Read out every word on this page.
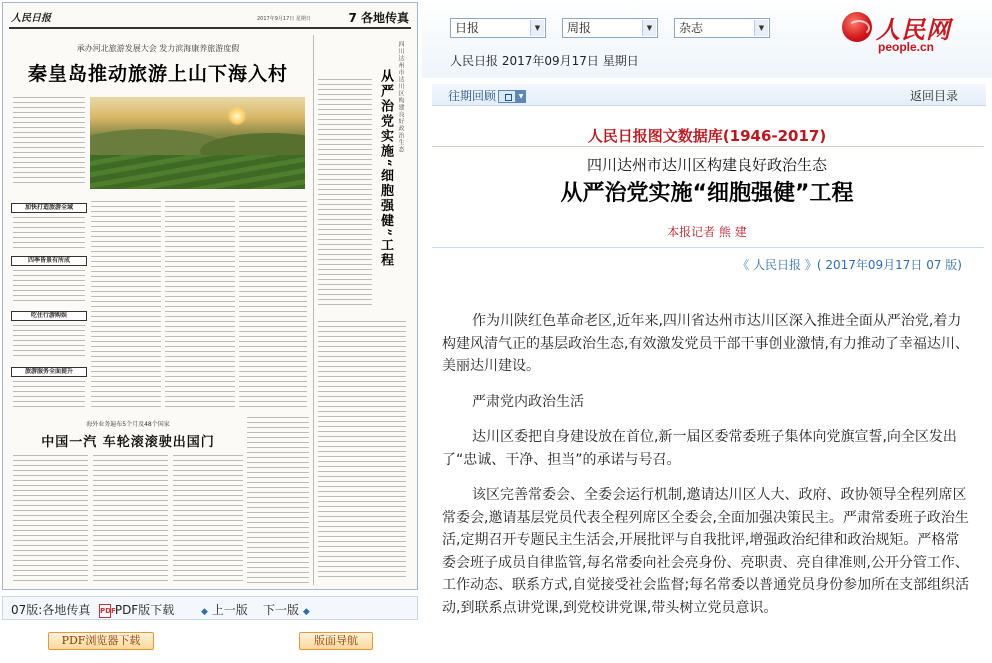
人民日报	2017年9月17日 星期日	7 各地传真
承办河北旅游发展大会 发力滨海康养旅游度假
秦皇岛推动旅游上山下海入村
加快打造旅游全域
四季皆景有所成
吃住行游购娱
旅游服务全面提升
四川达州市达川区构建良好政治生态
从严治党实施“细胞强健”工程
海外业务遍布5个月及48个国家
中国一汽 车轮滚滚驶出国门
07版:各地传真 PDF PDF版下载	◆ 上一版 下一版 ◆
PDF浏览器下载	版面导航
日报	▼	周报	▼	杂志	▼
人民日报 2017年09月17日 星期日
人民网
people.cn
往期回顾	▼	返回目录
人民日报图文数据库(1946-2017)
四川达州市达川区构建良好政治生态
从严治党实施“细胞强健”工程
本报记者 熊 建
《 人民日报 》( 2017年09月17日 07 版)

作为川陕红色革命老区,近年来,四川省达州市达川区深入推进全面从严治党,着力构建风清气正的基层政治生态,有效激发党员干部干事创业激情,有力推动了幸福达川、美丽达川建设。

严肃党内政治生活

达川区委把自身建设放在首位,新一届区委常委班子集体向党旗宣誓,向全区发出了“忠诚、干净、担当”的承诺与号召。

该区完善常委会、全委会运行机制,邀请达川区人大、政府、政协领导全程列席区常委会,邀请基层党员代表全程列席区全委会,全面加强决策民主。严肃常委班子政治生活,定期召开专题民主生活会,开展批评与自我批评,增强政治纪律和政治规矩。严格常委会班子成员自律监管,每名常委向社会亮身份、亮职责、亮自律准则,公开分管工作、工作动态、联系方式,自觉接受社会监督;每名常委以普通党员身份参加所在支部组织活动,到联系点讲党课,到党校讲党课,带头树立党员意识。
